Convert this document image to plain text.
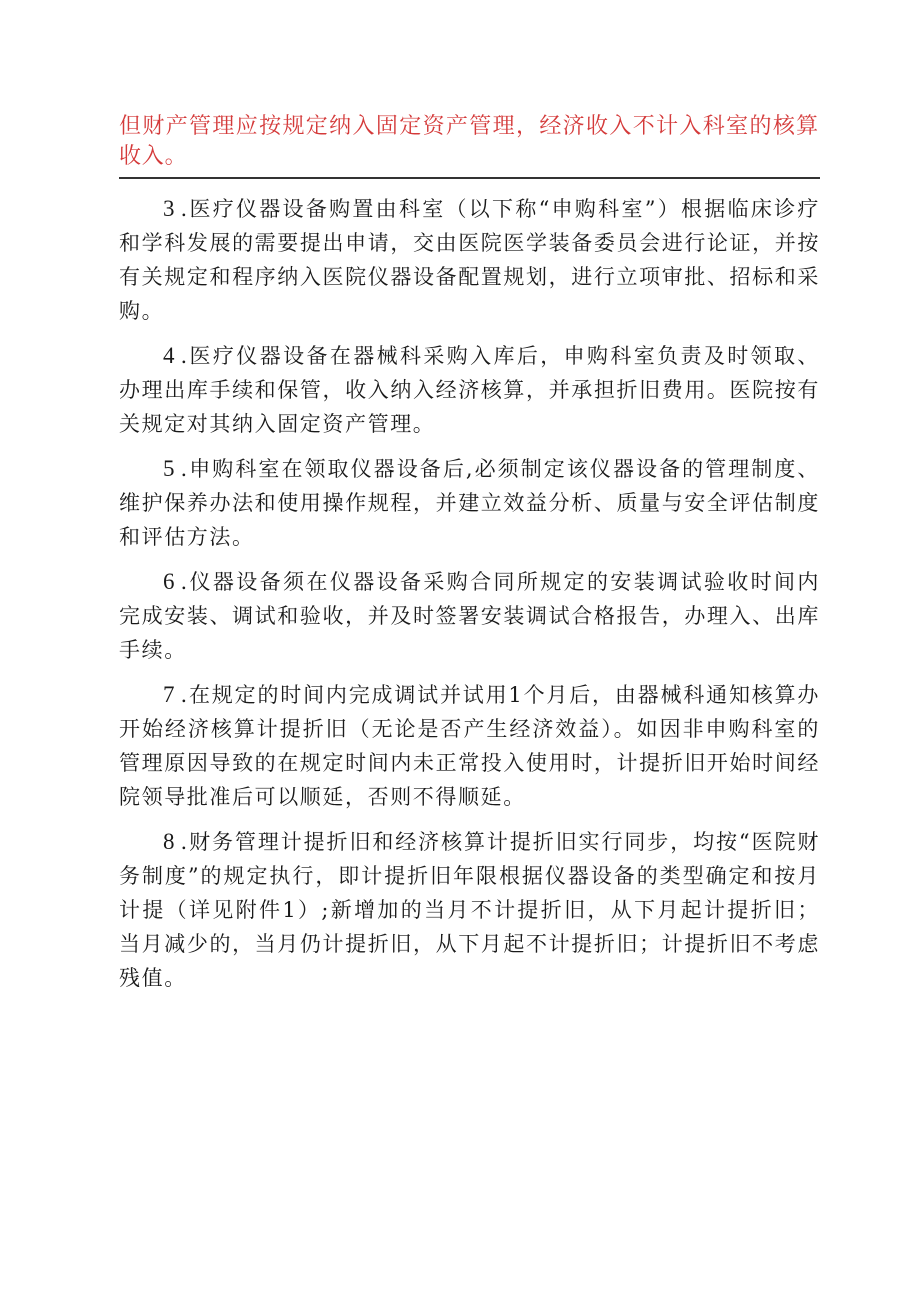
但财产管理应按规定纳入固定资产管理，经济收入不计入科室的核算收入。

3 .医疗仪器设备购置由科室（以下称“申购科室”）根据临床诊疗和学科发展的需要提出申请，交由医院医学装备委员会进行论证，并按有关规定和程序纳入医院仪器设备配置规划，进行立项审批、招标和采购。

4 .医疗仪器设备在器械科采购入库后，申购科室负责及时领取、办理出库手续和保管，收入纳入经济核算，并承担折旧费用。医院按有关规定对其纳入固定资产管理。

5 .申购科室在领取仪器设备后,必须制定该仪器设备的管理制度、维护保养办法和使用操作规程，并建立效益分析、质量与安全评估制度和评估方法。

6 .仪器设备须在仪器设备采购合同所规定的安装调试验收时间内完成安装、调试和验收，并及时签署安装调试合格报告，办理入、出库手续。

7 .在规定的时间内完成调试并试用1个月后，由器械科通知核算办开始经济核算计提折旧（无论是否产生经济效益）。如因非申购科室的管理原因导致的在规定时间内未正常投入使用时，计提折旧开始时间经院领导批准后可以顺延，否则不得顺延。

8 .财务管理计提折旧和经济核算计提折旧实行同步，均按“医院财务制度”的规定执行，即计提折旧年限根据仪器设备的类型确定和按月计提（详见附件1）;新增加的当月不计提折旧，从下月起计提折旧；当月减少的，当月仍计提折旧，从下月起不计提折旧；计提折旧不考虑残值。
